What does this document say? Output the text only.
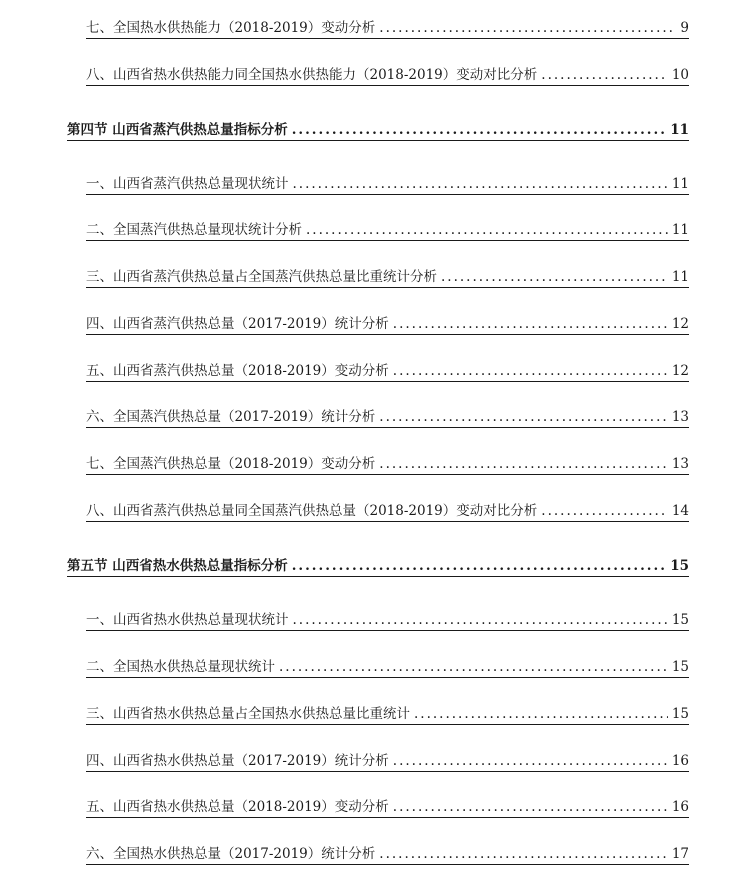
七、全国热水供热能力（2018-2019）变动分析 .....	9
八、山西省热水供热能力同全国热水供热能力（2018-2019）变动对比分析 .....	10
第四节 山西省蒸汽供热总量指标分析 .....	11
一、山西省蒸汽供热总量现状统计 .....	11
二、全国蒸汽供热总量现状统计分析 .....	11
三、山西省蒸汽供热总量占全国蒸汽供热总量比重统计分析 .....	11
四、山西省蒸汽供热总量（2017-2019）统计分析 .....	12
五、山西省蒸汽供热总量（2018-2019）变动分析 .....	12
六、全国蒸汽供热总量（2017-2019）统计分析 .....	13
七、全国蒸汽供热总量（2018-2019）变动分析 .....	13
八、山西省蒸汽供热总量同全国蒸汽供热总量（2018-2019）变动对比分析 .....	14
第五节 山西省热水供热总量指标分析 .....	15
一、山西省热水供热总量现状统计 .....	15
二、全国热水供热总量现状统计 .....	15
三、山西省热水供热总量占全国热水供热总量比重统计 .....	15
四、山西省热水供热总量（2017-2019）统计分析 .....	16
五、山西省热水供热总量（2018-2019）变动分析 .....	16
六、全国热水供热总量（2017-2019）统计分析 .....	17
